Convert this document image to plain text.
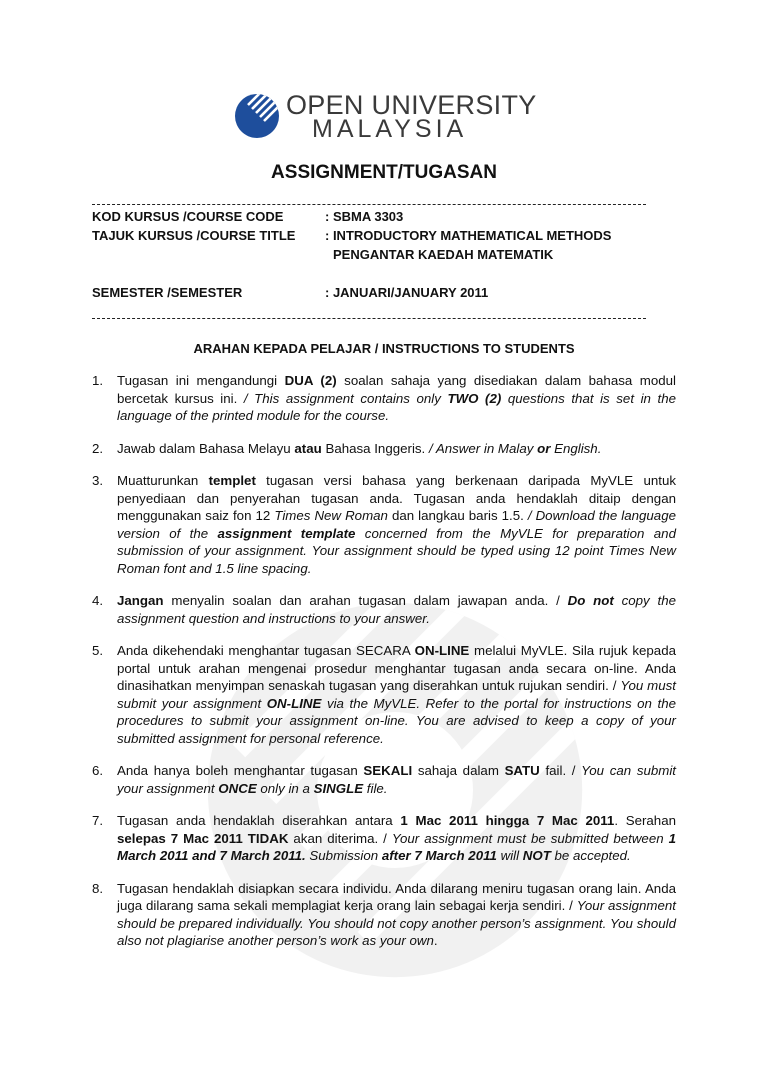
OPEN UNIVERSITY
MALAYSIA
ASSIGNMENT/TUGASAN
KOD KURSUS /COURSE CODE	: SBMA 3303
TAJUK KURSUS /COURSE TITLE : INTRODUCTORY MATHEMATICAL METHODS
PENGANTAR KAEDAH MATEMATIK
SEMESTER /SEMESTER	: JANUARI/JANUARY 2011
ARAHAN KEPADA PELAJAR / INSTRUCTIONS TO STUDENTS
1. Tugasan ini mengandungi DUA (2) soalan sahaja yang disediakan dalam bahasa modul bercetak kursus ini. / This assignment contains only TWO (2) questions that is set in the language of the printed module for the course.
2. Jawab dalam Bahasa Melayu atau Bahasa Inggeris. / Answer in Malay or English.
3. Muatturunkan templet tugasan versi bahasa yang berkenaan daripada MyVLE untuk penyediaan dan penyerahan tugasan anda. Tugasan anda hendaklah ditaip dengan menggunakan saiz fon 12 Times New Roman dan langkau baris 1.5. / Download the language version of the assignment template concerned from the MyVLE for preparation and submission of your assignment. Your assignment should be typed using 12 point Times New Roman font and 1.5 line spacing.
4. Jangan menyalin soalan dan arahan tugasan dalam jawapan anda. / Do not copy the assignment question and instructions to your answer.
5. Anda dikehendaki menghantar tugasan SECARA ON-LINE melalui MyVLE. Sila rujuk kepada portal untuk arahan mengenai prosedur menghantar tugasan anda secara on-line. Anda dinasihatkan menyimpan senaskah tugasan yang diserahkan untuk rujukan sendiri. / You must submit your assignment ON-LINE via the MyVLE. Refer to the portal for instructions on the procedures to submit your assignment on-line. You are advised to keep a copy of your submitted assignment for personal reference.
6. Anda hanya boleh menghantar tugasan SEKALI sahaja dalam SATU fail. / You can submit your assignment ONCE only in a SINGLE file.
7. Tugasan anda hendaklah diserahkan antara 1 Mac 2011 hingga 7 Mac 2011. Serahan selepas 7 Mac 2011 TIDAK akan diterima. / Your assignment must be submitted between 1 March 2011 and 7 March 2011. Submission after 7 March 2011 will NOT be accepted.
8. Tugasan hendaklah disiapkan secara individu. Anda dilarang meniru tugasan orang lain. Anda juga dilarang sama sekali memplagiat kerja orang lain sebagai kerja sendiri. / Your assignment should be prepared individually. You should not copy another person’s assignment. You should also not plagiarise another person’s work as your own.
